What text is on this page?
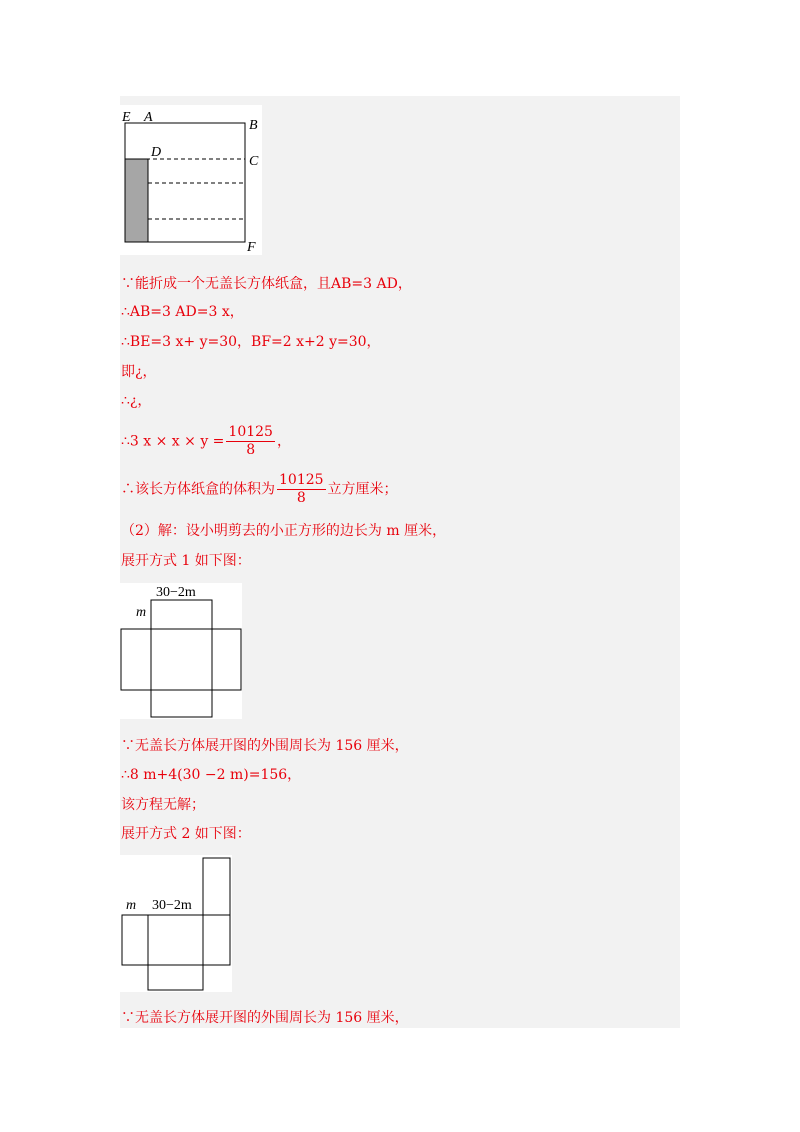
E A
B
D
C
F
∵能折成一个无盖长方体纸盒，且AB=3 AD，
∴AB=3 AD=3 x，
∴BE=3 x+ y=30，BF=2 x+2 y=30，
即¿，
∴¿，
∴3 $x \times x \times y = \frac{10125}{8}$ ，
∴该长方体纸盒的体积为 $\frac{10125}{8}$ 立方厘米；
（2）解：设小明剪去的小正方形的边长为 m 厘米，
展开方式 1 如下图：
30−2m
m
∵无盖长方体展开图的外围周长为 156 厘米，
∴8 m+4(30 −2 m)=156，
该方程无解；
展开方式 2 如下图：
m 30−2m
∵无盖长方体展开图的外围周长为 156 厘米，
